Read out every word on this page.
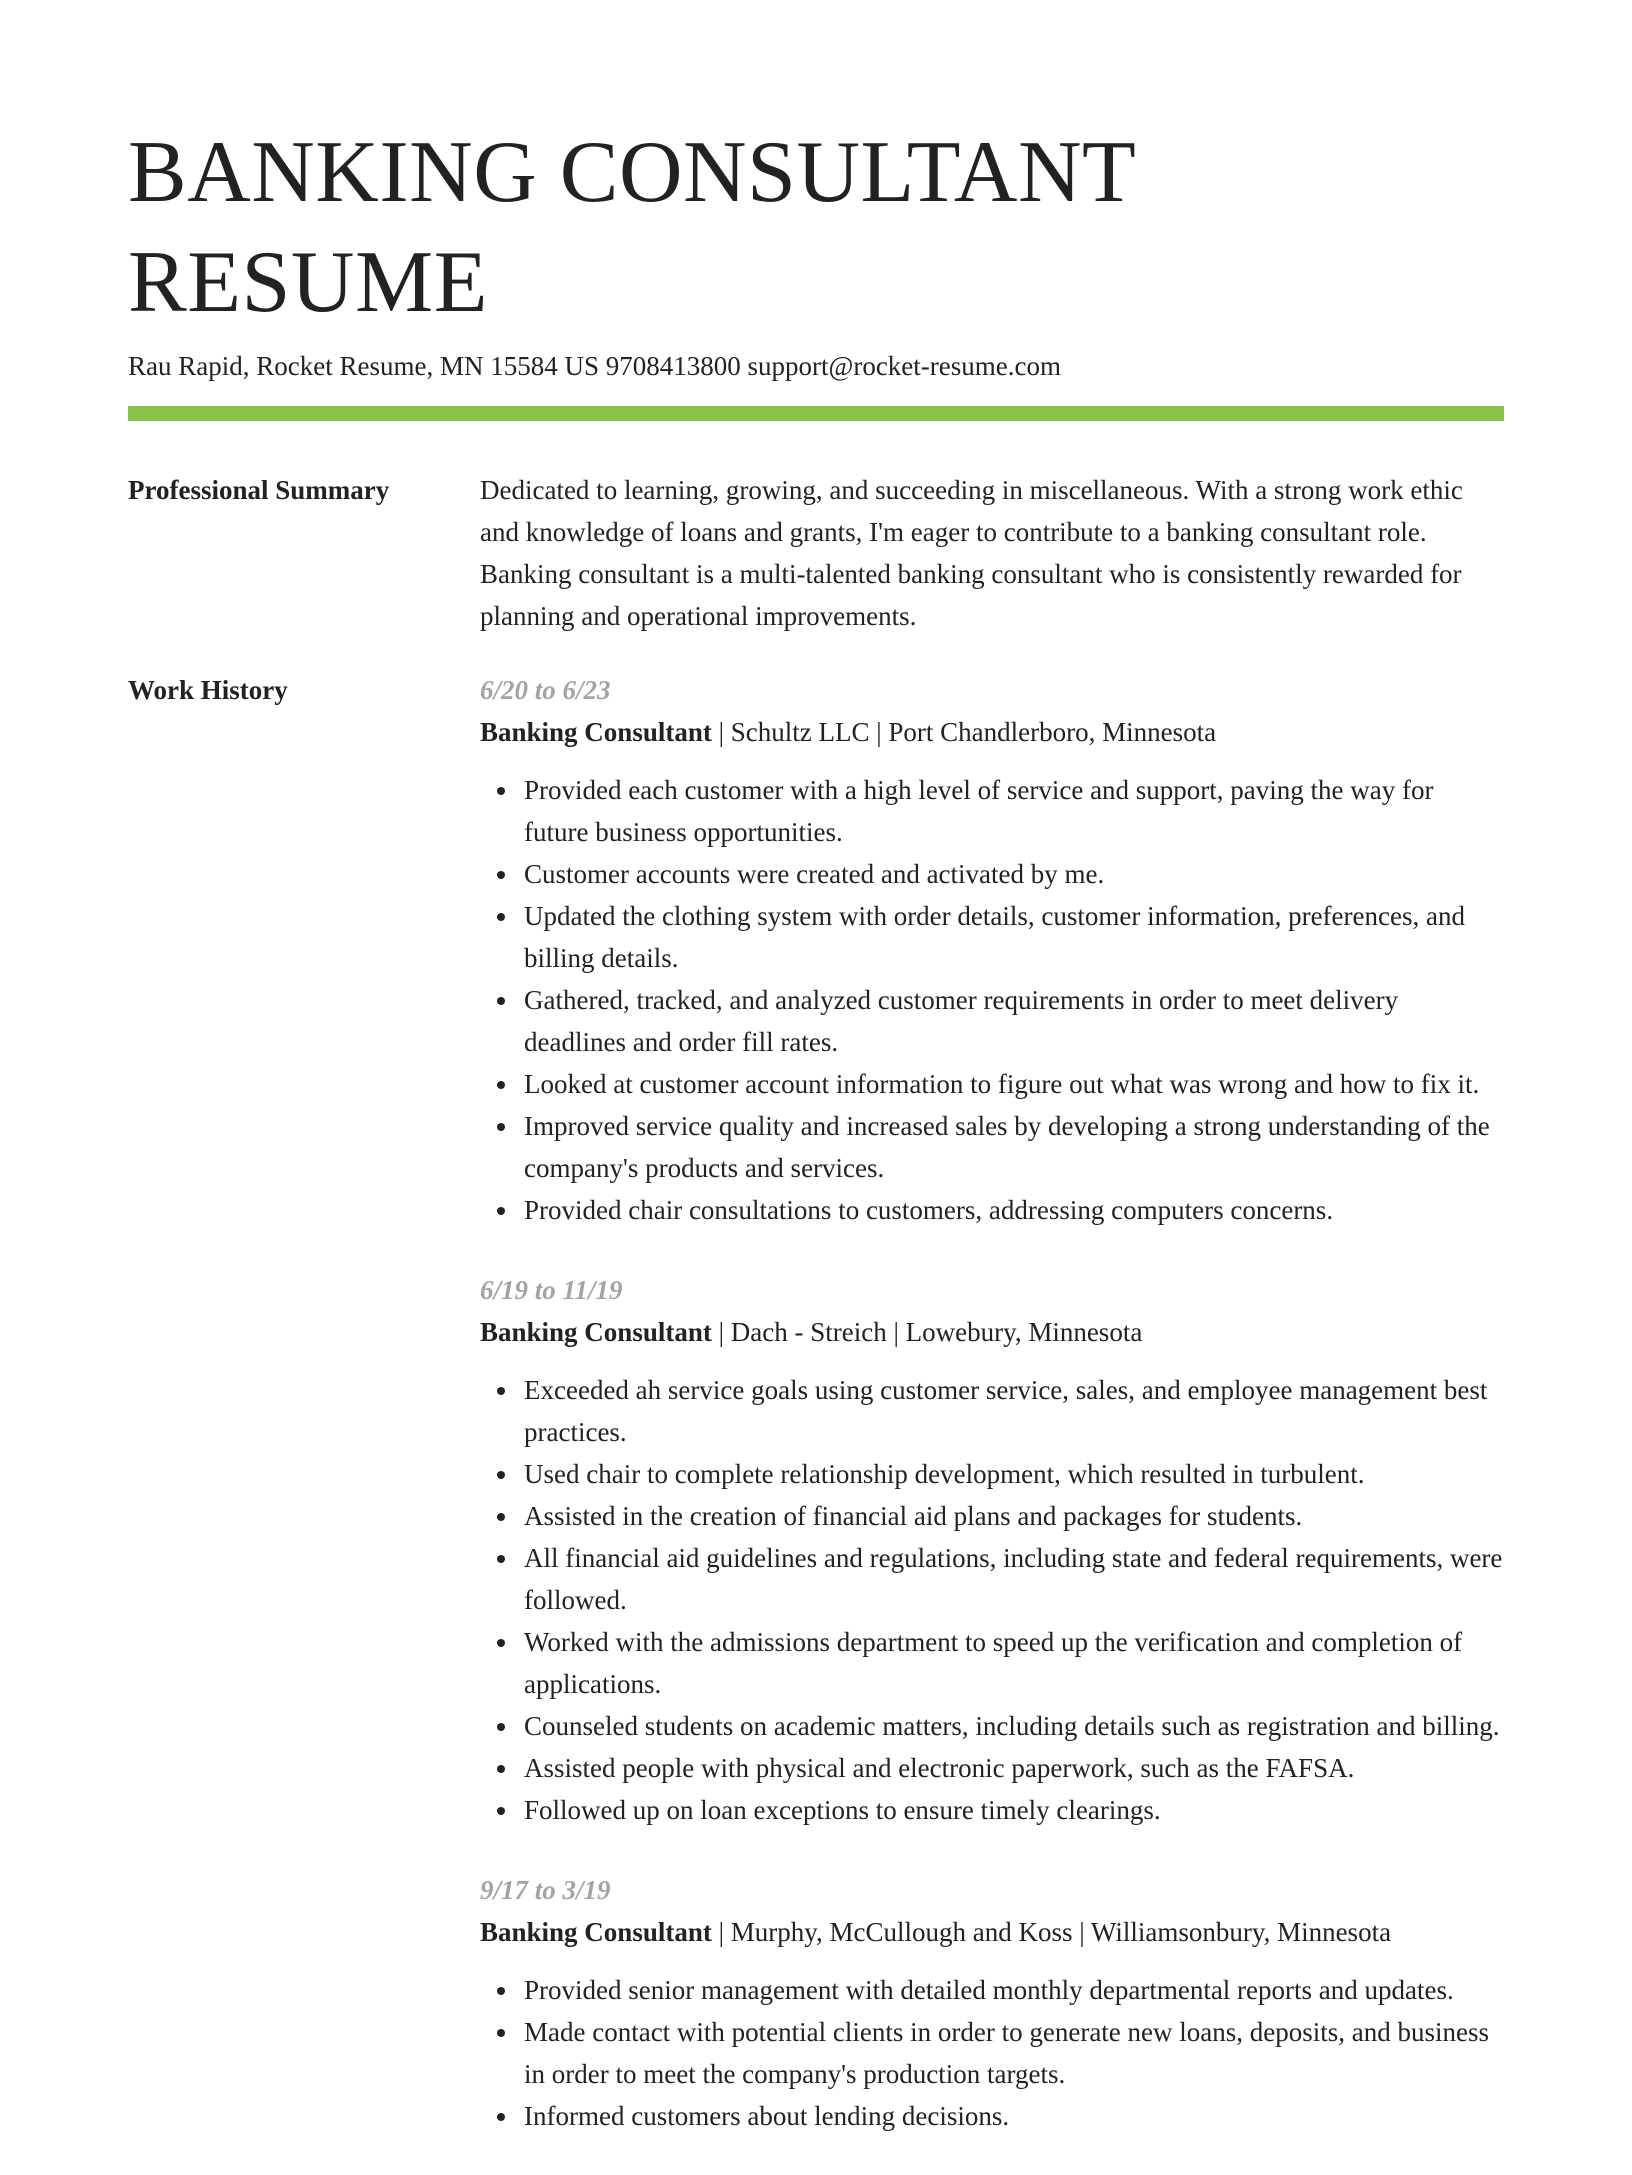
BANKING CONSULTANT RESUME
Rau Rapid, Rocket Resume, MN 15584 US 9708413800 support@rocket-resume.com
Professional Summary	Dedicated to learning, growing, and succeeding in miscellaneous. With a strong work ethic and knowledge of loans and grants, I'm eager to contribute to a banking consultant role. Banking consultant is a multi-talented banking consultant who is consistently rewarded for planning and operational improvements.

Work History	6/20 to 6/23
Banking Consultant | Schultz LLC | Port Chandlerboro, Minnesota
Provided each customer with a high level of service and support, paving the way for future business opportunities.
Customer accounts were created and activated by me.
Updated the clothing system with order details, customer information, preferences, and billing details.
Gathered, tracked, and analyzed customer requirements in order to meet delivery deadlines and order fill rates.
Looked at customer account information to figure out what was wrong and how to fix it.
Improved service quality and increased sales by developing a strong understanding of the company's products and services.
Provided chair consultations to customers, addressing computers concerns.
6/19 to 11/19
Banking Consultant | Dach - Streich | Lowebury, Minnesota
Exceeded ah service goals using customer service, sales, and employee management best practices.
Used chair to complete relationship development, which resulted in turbulent.
Assisted in the creation of financial aid plans and packages for students.
All financial aid guidelines and regulations, including state and federal requirements, were followed.
Worked with the admissions department to speed up the verification and completion of applications.
Counseled students on academic matters, including details such as registration and billing.
Assisted people with physical and electronic paperwork, such as the FAFSA.
Followed up on loan exceptions to ensure timely clearings.
9/17 to 3/19
Banking Consultant | Murphy, McCullough and Koss | Williamsonbury, Minnesota
Provided senior management with detailed monthly departmental reports and updates.
Made contact with potential clients in order to generate new loans, deposits, and business in order to meet the company's production targets.
Informed customers about lending decisions.
